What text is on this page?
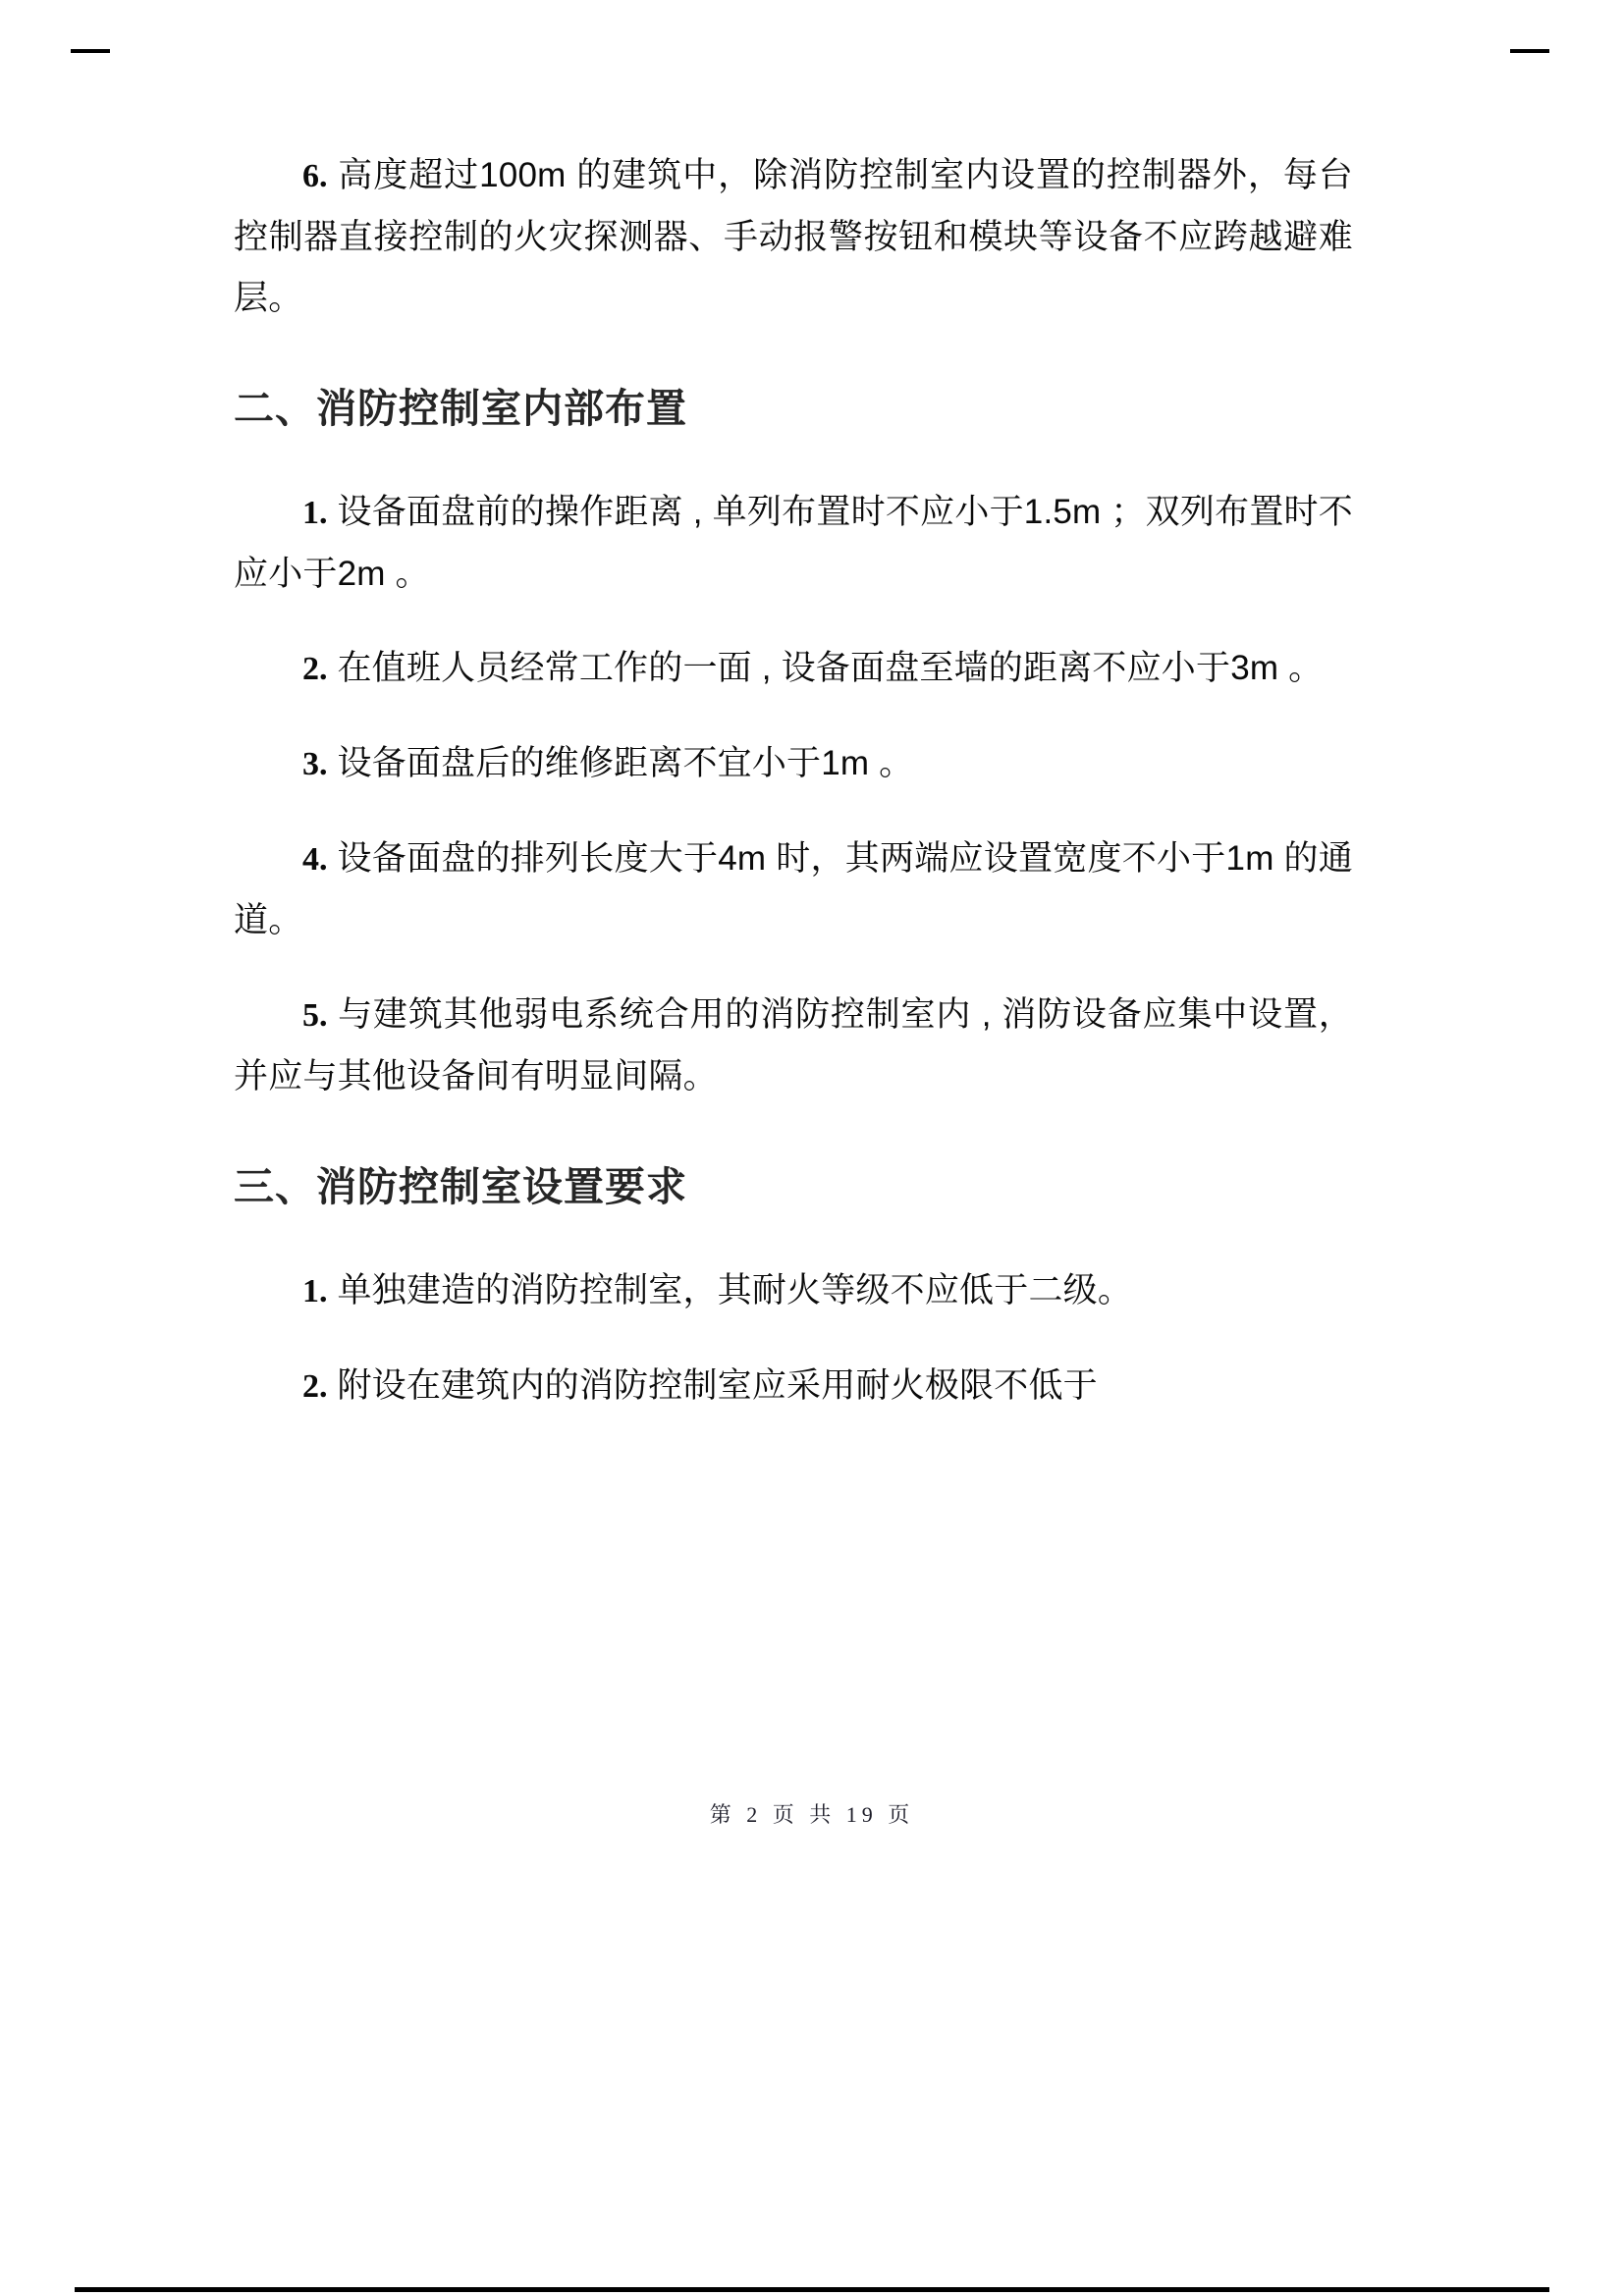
6. 高度超过100m 的建筑中，除消防控制室内设置的控制器外，每台控制器直接控制的火灾探测器、手动报警按钮和模块等设备不应跨越避难层。

二、消防控制室内部布置

1. 设备面盘前的操作距离 , 单列布置时不应小于1.5m ；双列布置时不应小于2m 。

2. 在值班人员经常工作的一面 , 设备面盘至墙的距离不应小于3m 。

3. 设备面盘后的维修距离不宜小于1m 。

4. 设备面盘的排列长度大于4m 时，其两端应设置宽度不小于1m 的通道。

5. 与建筑其他弱电系统合用的消防控制室内 , 消防设备应集中设置，并应与其他设备间有明显间隔。

三、消防控制室设置要求

1. 单独建造的消防控制室，其耐火等级不应低于二级。

2. 附设在建筑内的消防控制室应采用耐火极限不低于

第 2 页 共 19 页
